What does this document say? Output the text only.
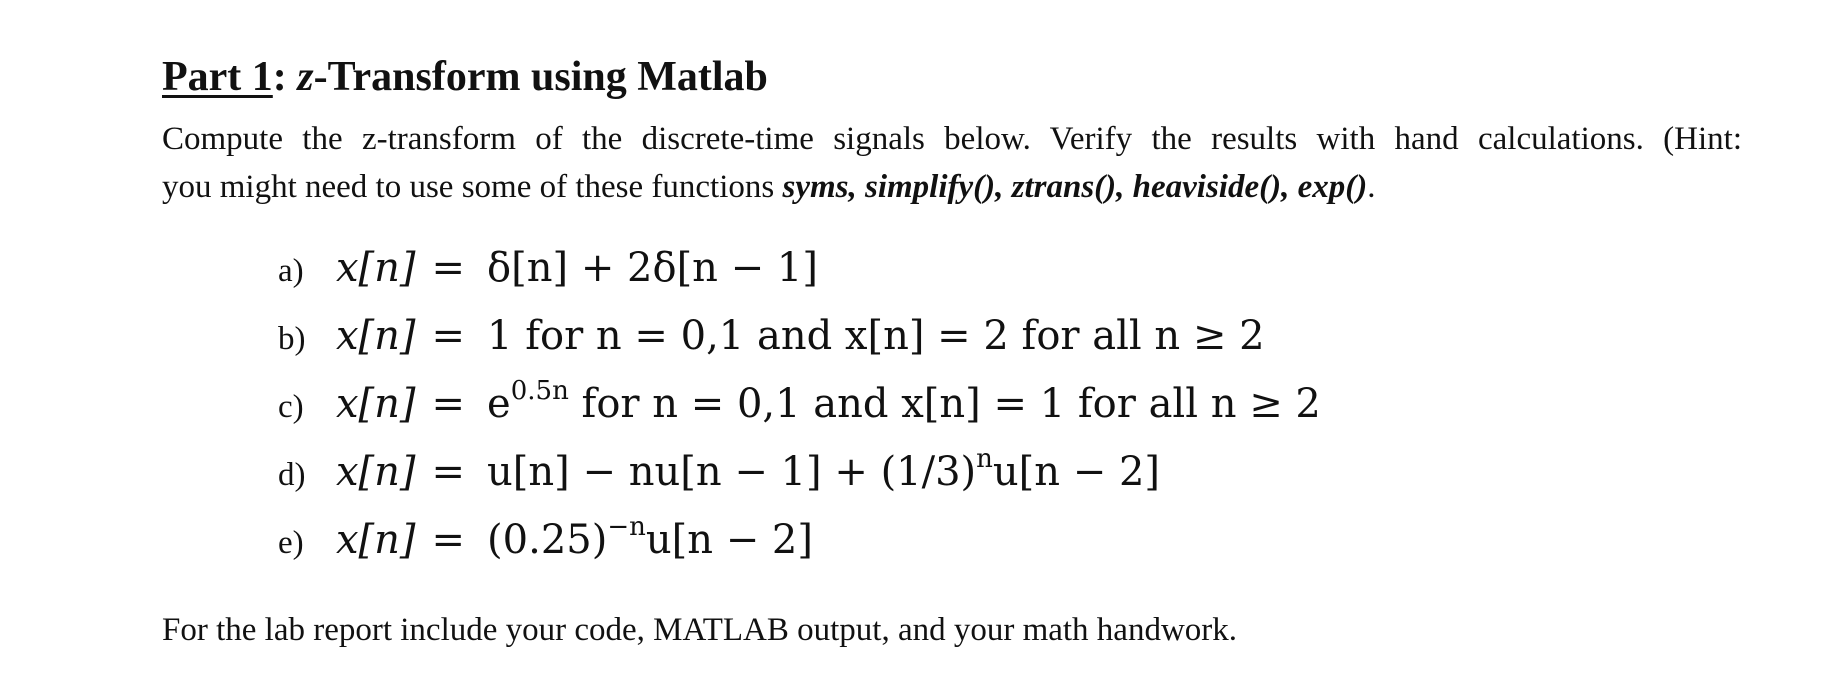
Part 1: z-Transform using Matlab
Compute the z-transform of the discrete-time signals below. Verify the results with hand calculations. (Hint:
you might need to use some of these functions syms, simplify(), ztrans(), heaviside(), exp().
a) x[n] = δ[n] + 2δ[n − 1]
b) x[n] = 1 for n = 0,1 and x[n] = 2 for all n ≥ 2
c) $x[n] = e^{0.5n}$ for n = 0,1 and x[n] = 1 for all n ≥ 2
d) $x[n] = u[n] - nu[n - 1] + (1/3)^nu[n - 2]$
e) $x[n] = (0.25)^{-n}u[n - 2]$
For the lab report include your code, MATLAB output, and your math handwork.
